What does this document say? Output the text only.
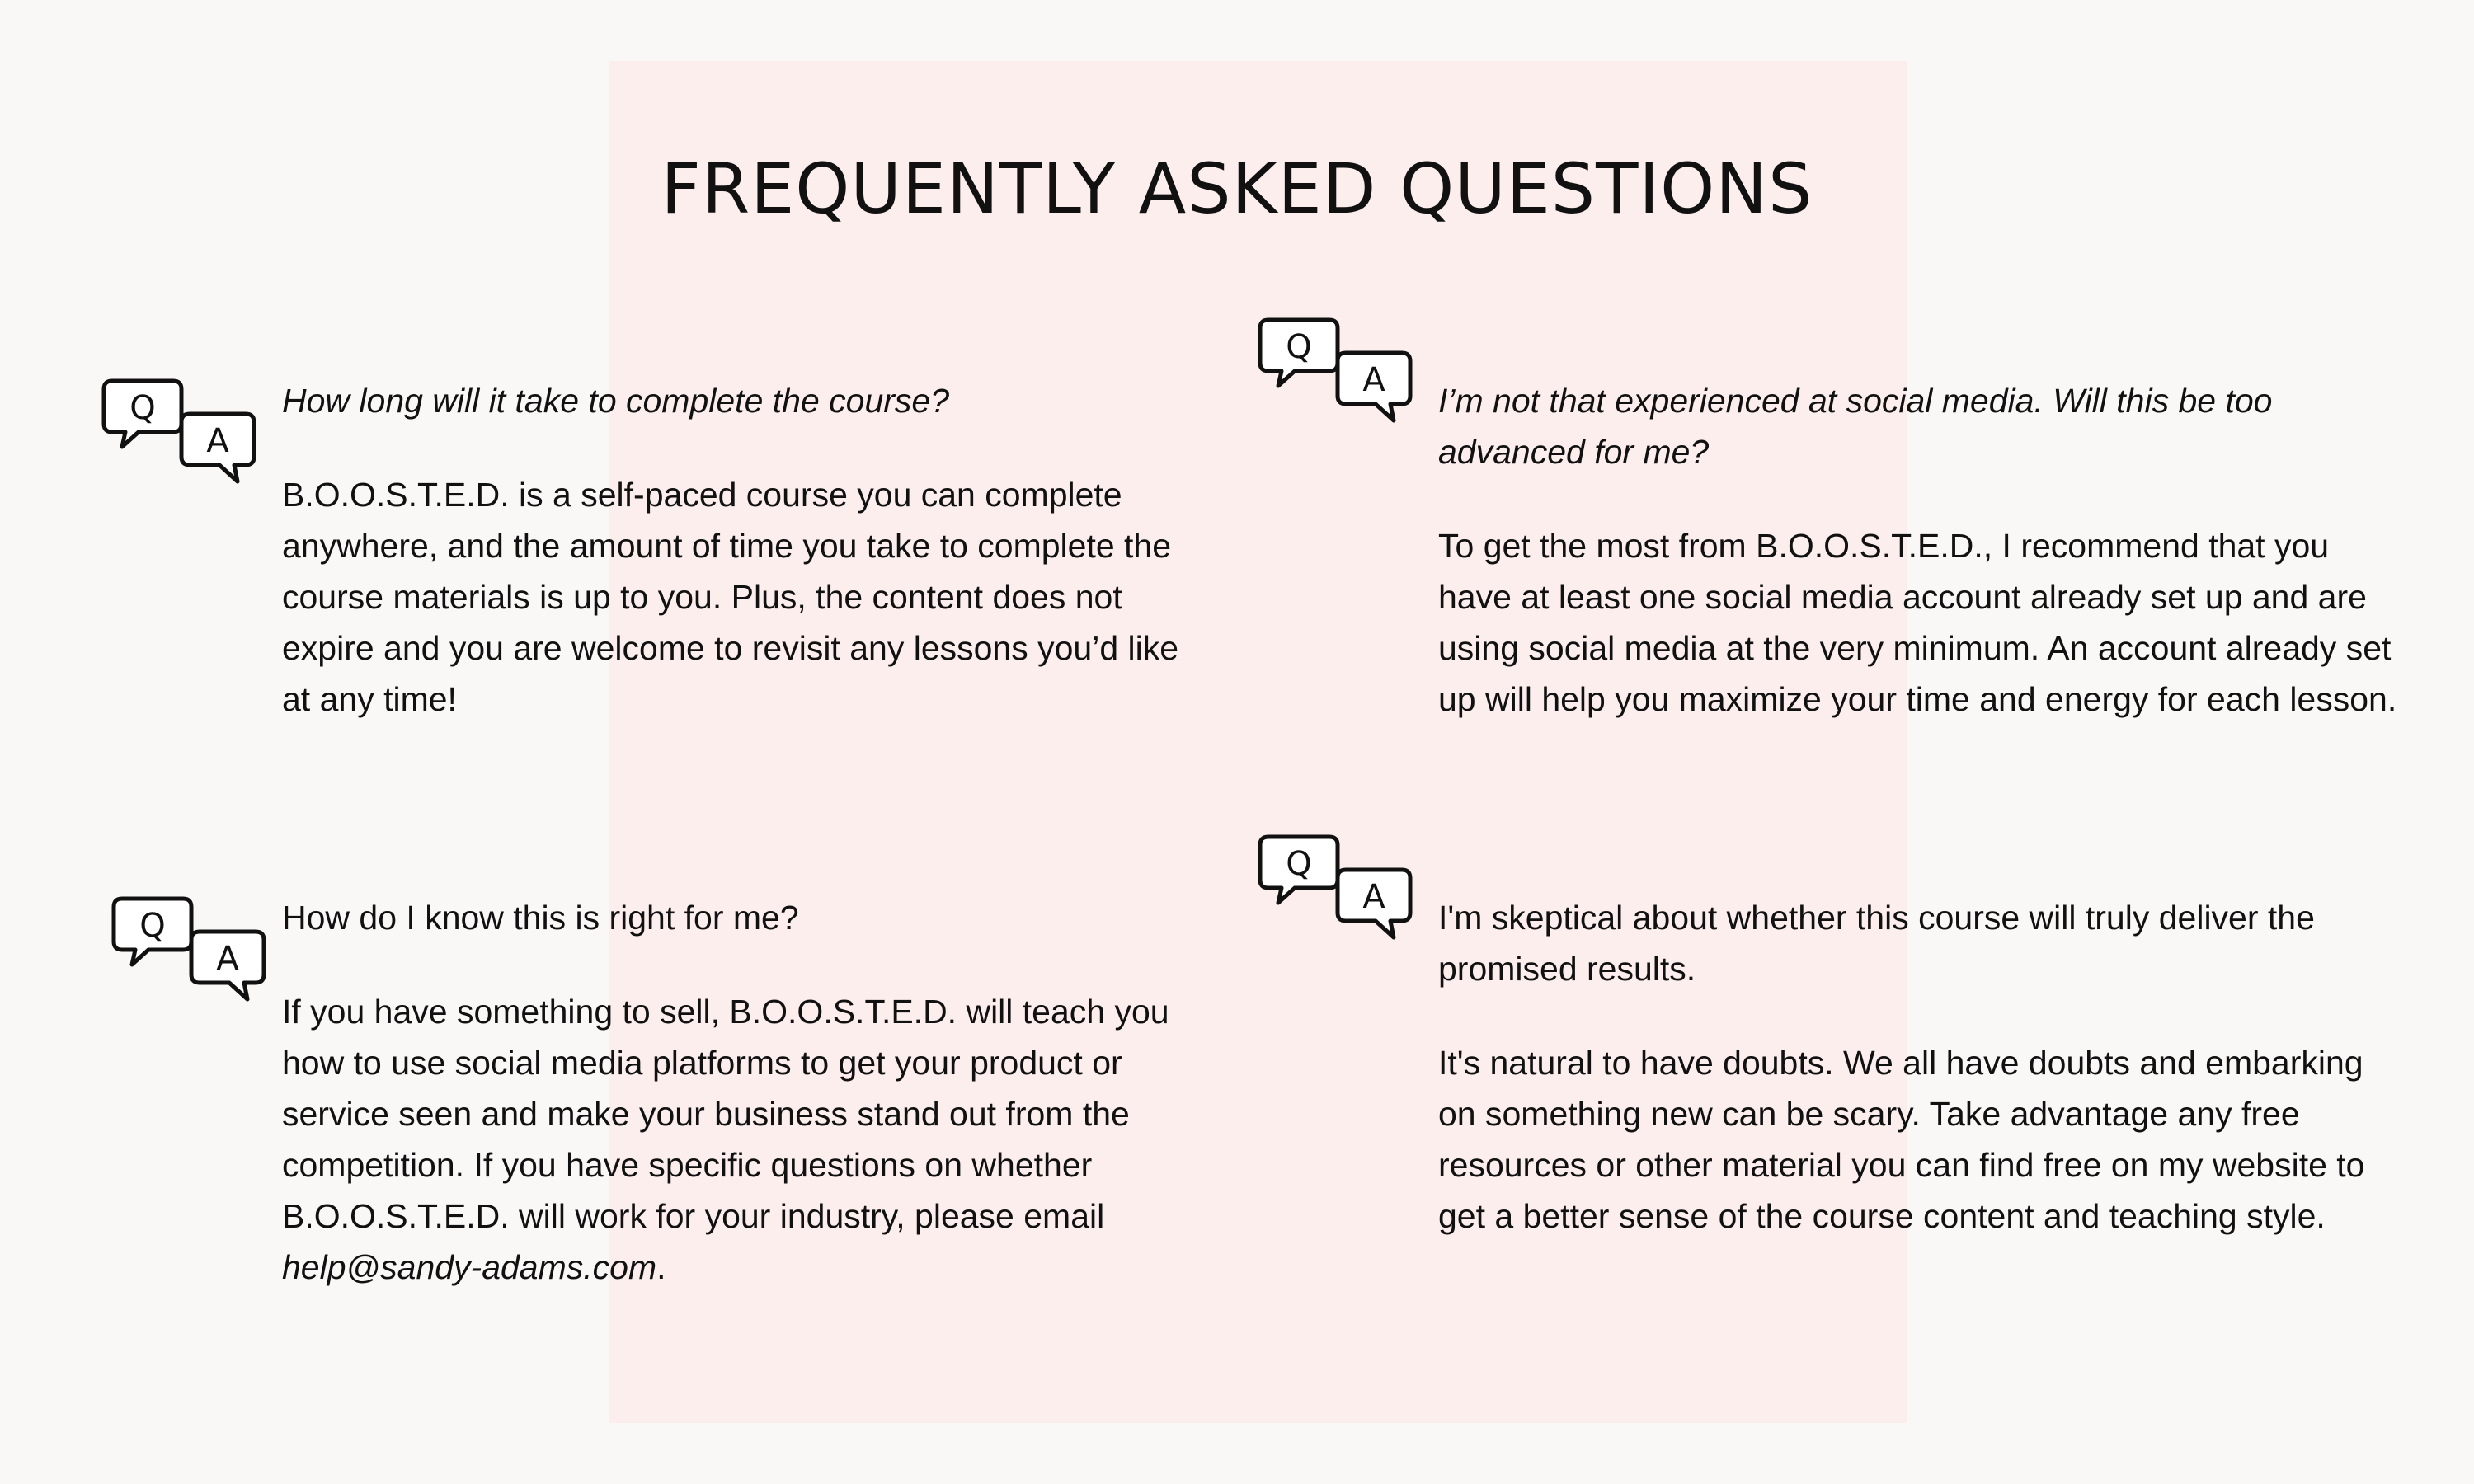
FREQUENTLY ASKED QUESTIONS
Q
A
Q
A
Q
A
Q
A

How long will it take to complete the course?

B.O.O.S.T.E.D. is a self-paced course you can complete anywhere, and the amount of time you take to complete the course materials is up to you. Plus, the content does not expire and you are welcome to revisit any lessons you’d like at any time!

I’m not that experienced at social media. Will this be too advanced for me?

To get the most from B.O.O.S.T.E.D., I recommend that you have at least one social media account already set up and are using social media at the very minimum. An account already set up will help you maximize your time and energy for each lesson.

How do I know this is right for me?

If you have something to sell, B.O.O.S.T.E.D. will teach you how to use social media platforms to get your product or service seen and make your business stand out from the competition. If you have specific questions on whether B.O.O.S.T.E.D. will work for your industry, please email help@sandy-adams.com.

I'm skeptical about whether this course will truly deliver the promised results.

It's natural to have doubts. We all have doubts and embarking on something new can be scary. Take advantage any free resources or other material you can find free on my website to get a better sense of the course content and teaching style.
